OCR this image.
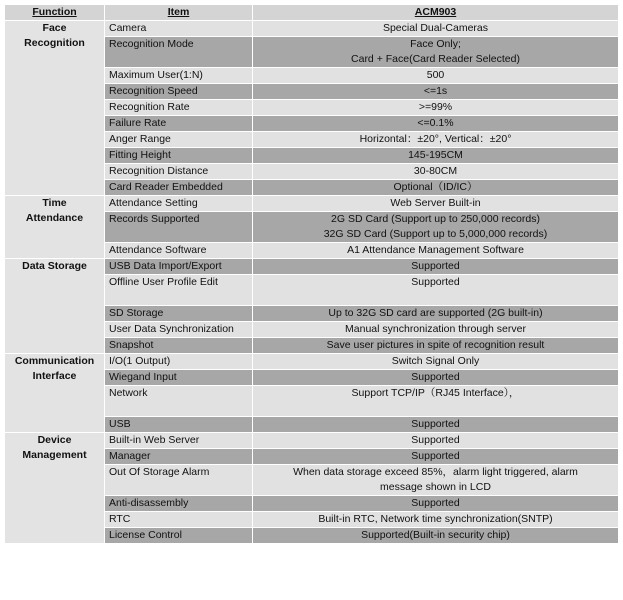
Function	Item	ACM903

Face
Recognition	Camera	Special Dual-Cameras

	Recognition Mode	Face Only;
Card + Face(Card Reader Selected)

	Maximum User(1:N)	500

	Recognition Speed	<=1s

	Recognition Rate	>=99%

	Failure Rate	<=0.1%

	Anger Range	Horizontal：±20°, Vertical：±20°

	Fitting Height	145-195CM

	Recognition Distance	30-80CM

	Card Reader Embedded	Optional（ID/IC）

Time
Attendance	Attendance Setting	Web Server Built-in

	Records Supported	2G SD Card (Support up to 250,000 records)
32G SD Card (Support up to 5,000,000 records)

	Attendance Software	A1 Attendance Management Software

Data Storage	USB Data Import/Export	Supported

	Offline User Profile Edit	Supported

	SD Storage	Up to 32G SD card are supported (2G built-in)

	User Data Synchronization	Manual synchronization through server

	Snapshot	Save user pictures in spite of recognition result

Communication
Interface	I/O(1 Output)	Switch Signal Only

	Wiegand Input	Supported

	Network	Support TCP/IP（RJ45 Interface），

	USB	Supported

Device
Management	Built-in Web Server	Supported

	Manager	Supported

	Out Of Storage Alarm	When data storage exceed 85%，alarm light triggered, alarm
message shown in LCD

	Anti-disassembly	Supported

	RTC	Built-in RTC, Network time synchronization(SNTP)

	License Control	Supported(Built-in security chip)
